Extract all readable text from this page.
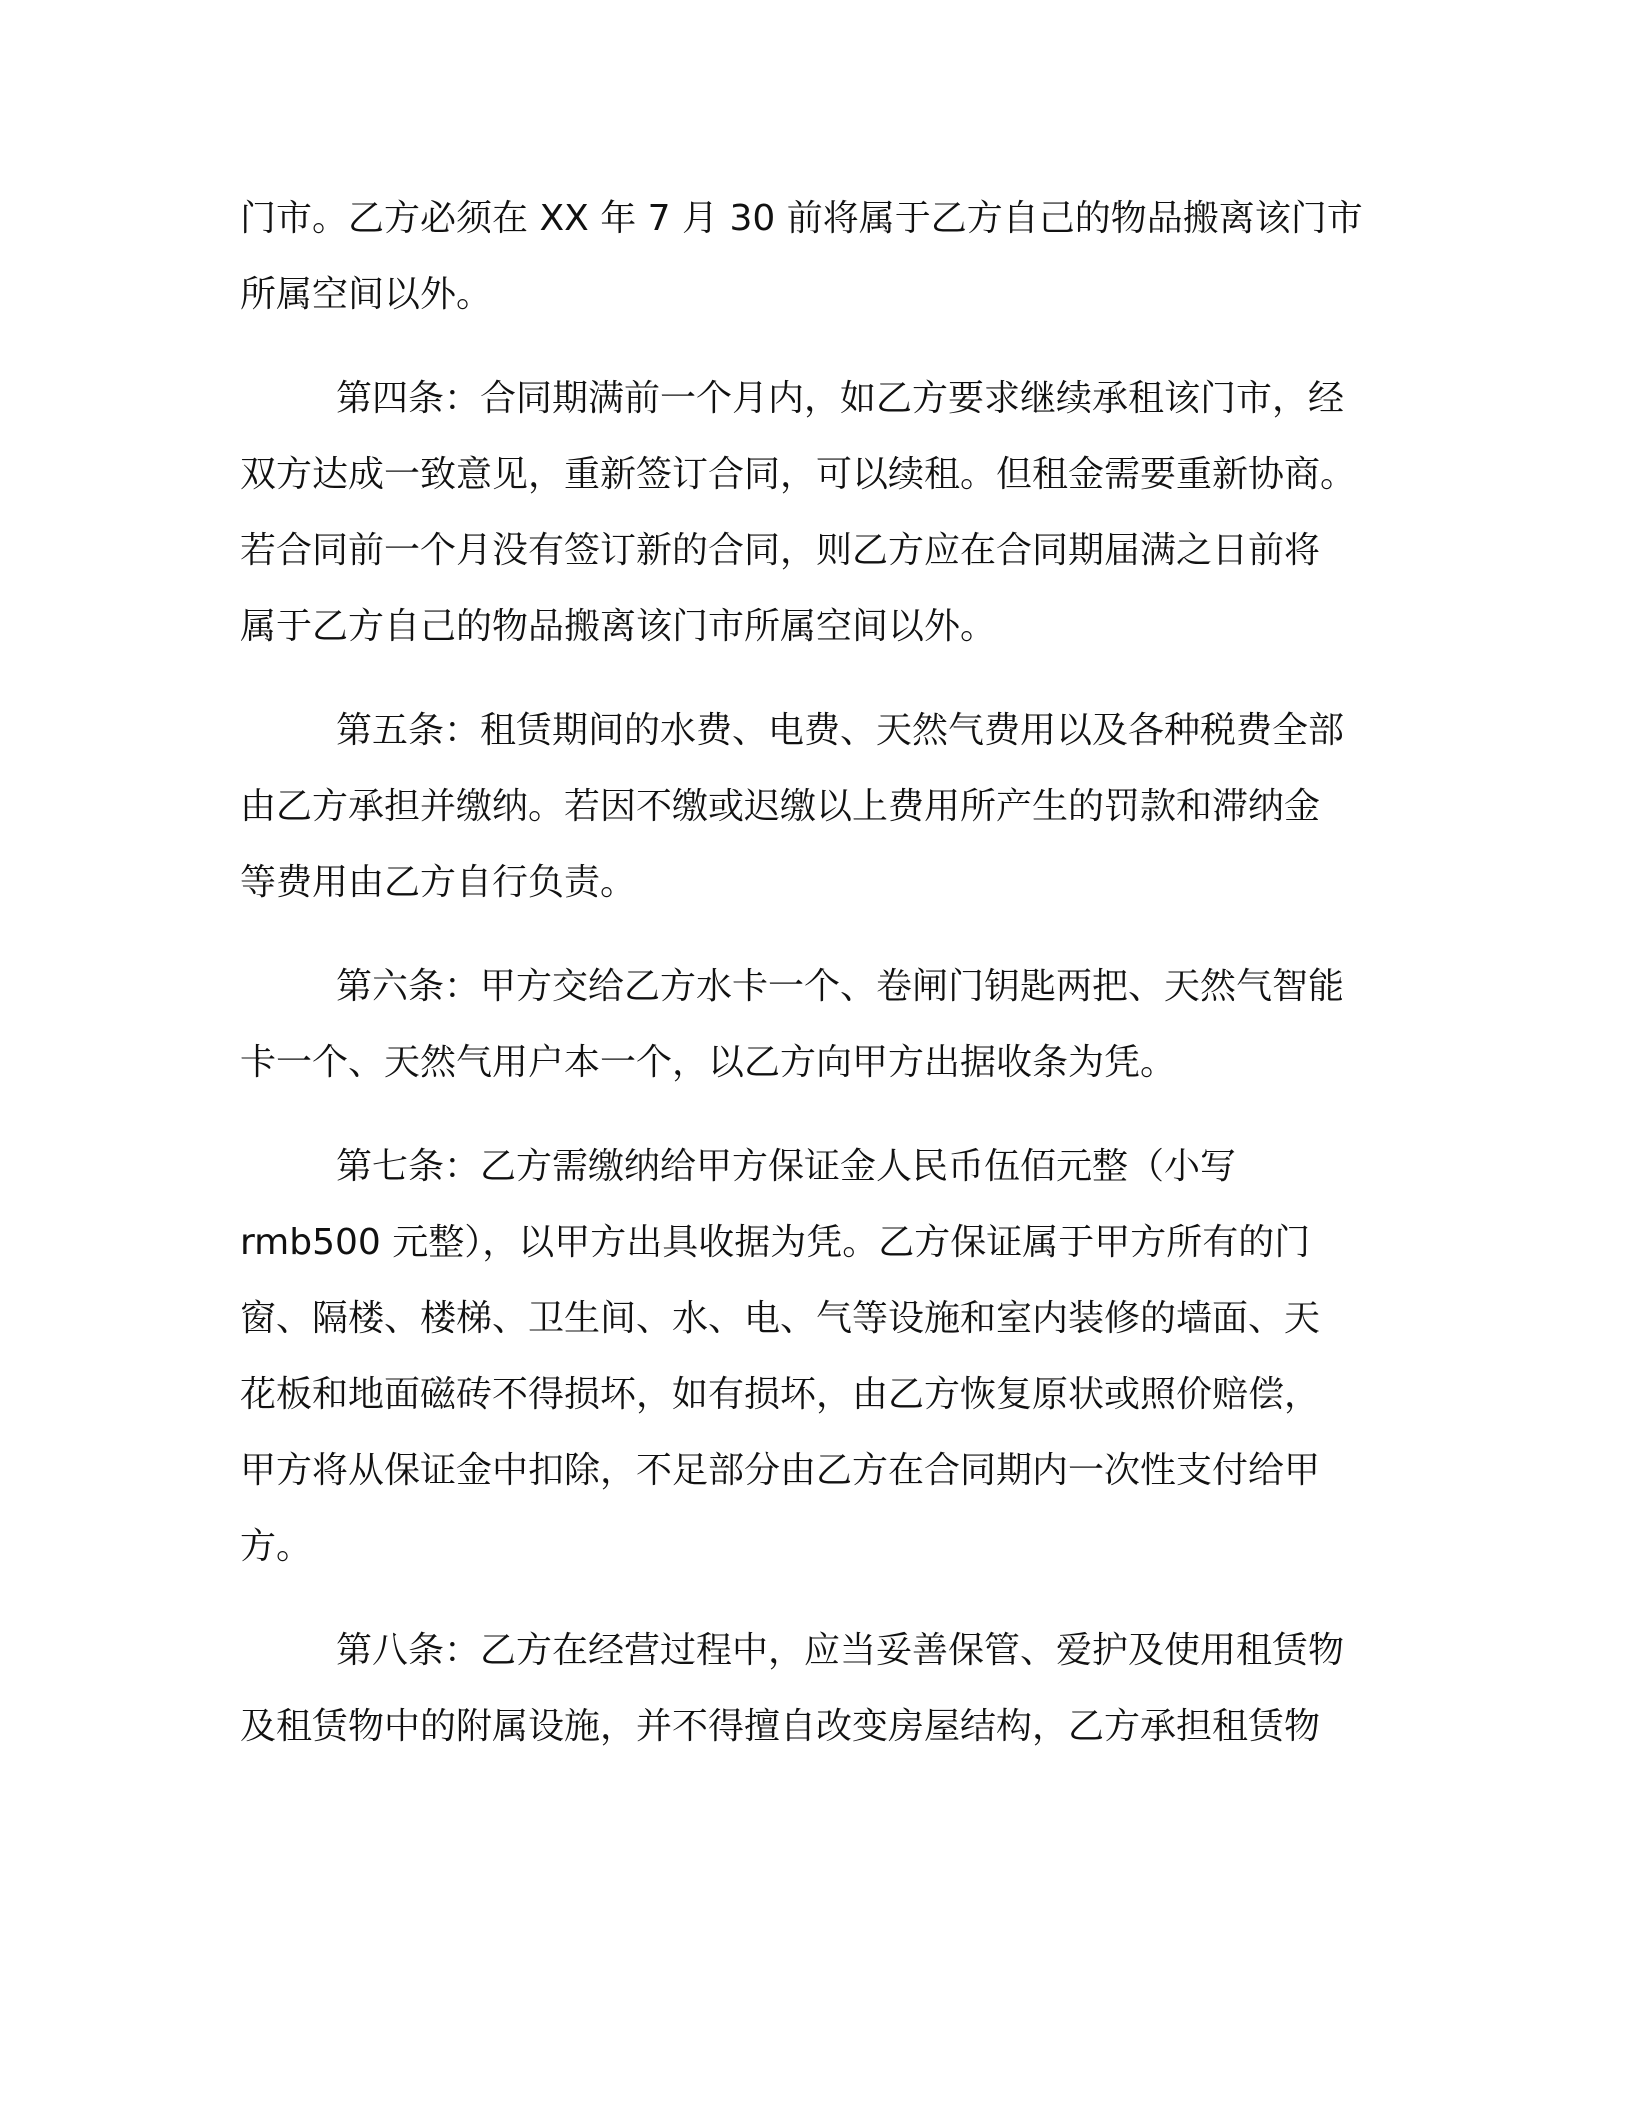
门市。乙方必须在 XX 年 7 月 30 前将属于乙方自己的物品搬离该门市
所属空间以外。
第四条：合同期满前一个月内，如乙方要求继续承租该门市，经
双方达成一致意见，重新签订合同，可以续租。但租金需要重新协商。
若合同前一个月没有签订新的合同，则乙方应在合同期届满之日前将
属于乙方自己的物品搬离该门市所属空间以外。
第五条：租赁期间的水费、电费、天然气费用以及各种税费全部
由乙方承担并缴纳。若因不缴或迟缴以上费用所产生的罚款和滞纳金
等费用由乙方自行负责。
第六条：甲方交给乙方水卡一个、卷闸门钥匙两把、天然气智能
卡一个、天然气用户本一个，以乙方向甲方出据收条为凭。
第七条：乙方需缴纳给甲方保证金人民币伍佰元整（小写
rmb500 元整），以甲方出具收据为凭。乙方保证属于甲方所有的门
窗、隔楼、楼梯、卫生间、水、电、气等设施和室内装修的墙面、天
花板和地面磁砖不得损坏，如有损坏，由乙方恢复原状或照价赔偿，
甲方将从保证金中扣除，不足部分由乙方在合同期内一次性支付给甲
方。
第八条：乙方在经营过程中，应当妥善保管、爱护及使用租赁物
及租赁物中的附属设施，并不得擅自改变房屋结构，乙方承担租赁物
